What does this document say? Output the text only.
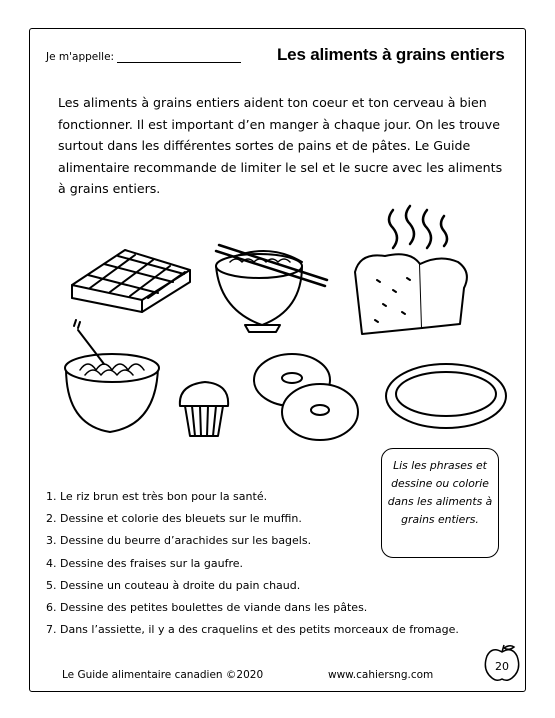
Je m'appelle:	Les aliments à grains entiers
Les aliments à grains entiers aident ton coeur et ton cerveau à bien fonctionner. Il est important d’en manger à chaque jour. On les trouve surtout dans les différentes sortes de pains et de pâtes. Le Guide alimentaire recommande de limiter le sel et le sucre avec les aliments à grains entiers.
Lis les phrases et dessine ou colorie dans les aliments à grains entiers.
1. Le riz brun est très bon pour la santé.
2. Dessine et colorie des bleuets sur le muffin.
3. Dessine du beurre d’arachides sur les bagels.
4. Dessine des fraises sur la gaufre.
5. Dessine un couteau à droite du pain chaud.
6. Dessine des petites boulettes de viande dans les pâtes.
7. Dans l’assiette, il y a des craquelins et des petits morceaux de fromage.
Le Guide alimentaire canadien ©2020	www.cahiersng.com
20
